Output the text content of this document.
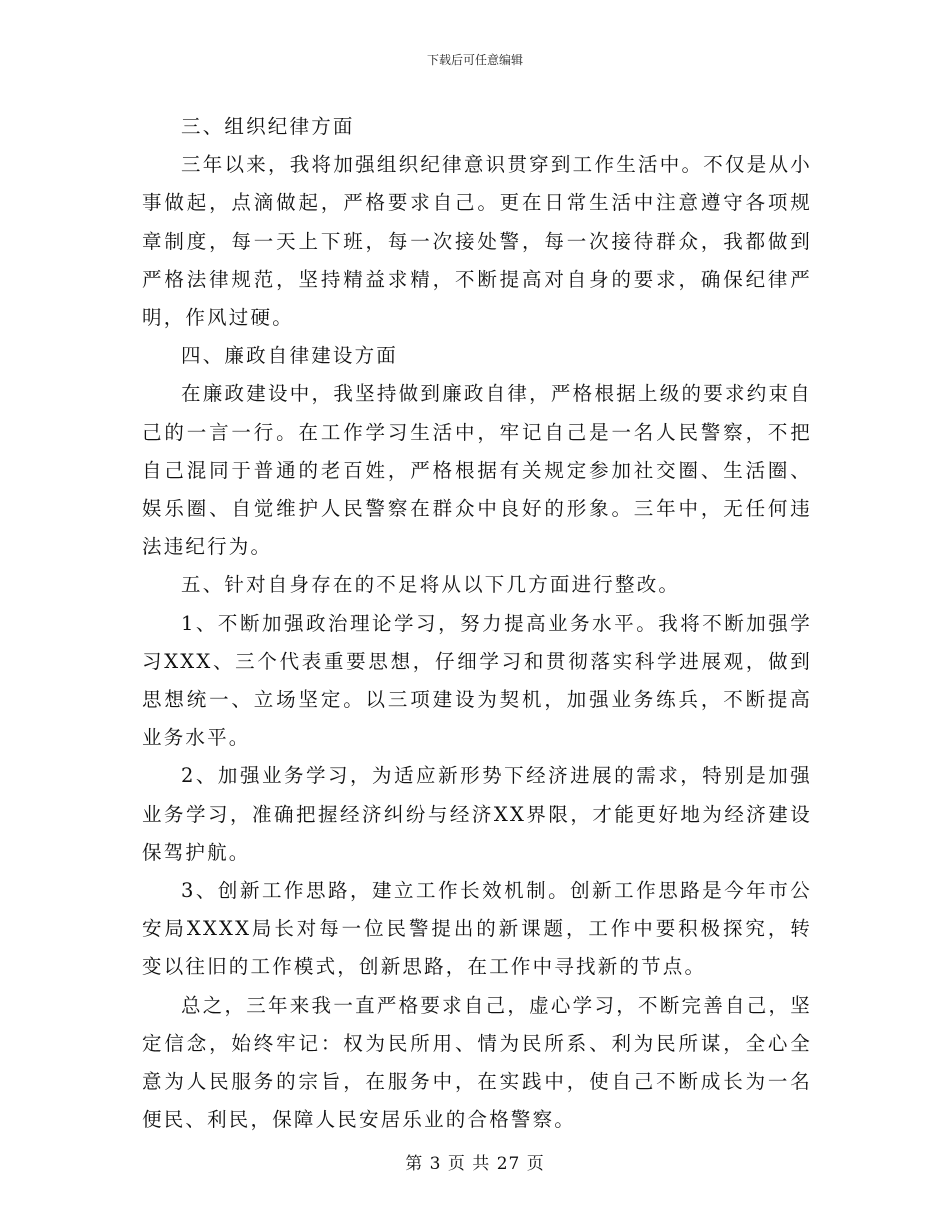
下载后可任意编辑

三、组织纪律方面

三年以来，我将加强组织纪律意识贯穿到工作生活中。不仅是从小事做起，点滴做起，严格要求自己。更在日常生活中注意遵守各项规章制度，每一天上下班，每一次接处警，每一次接待群众，我都做到严格法律规范，坚持精益求精，不断提高对自身的要求，确保纪律严明，作风过硬。

四、廉政自律建设方面

在廉政建设中，我坚持做到廉政自律，严格根据上级的要求约束自己的一言一行。在工作学习生活中，牢记自己是一名人民警察，不把自己混同于普通的老百姓，严格根据有关规定参加社交圈、生活圈、娱乐圈、自觉维护人民警察在群众中良好的形象。三年中，无任何违法违纪行为。

五、针对自身存在的不足将从以下几方面进行整改。

1、不断加强政治理论学习，努力提高业务水平。我将不断加强学习XXX、三个代表重要思想，仔细学习和贯彻落实科学进展观，做到思想统一、立场坚定。以三项建设为契机，加强业务练兵，不断提高业务水平。

2、加强业务学习，为适应新形势下经济进展的需求，特别是加强业务学习，准确把握经济纠纷与经济XX界限，才能更好地为经济建设保驾护航。

3、创新工作思路，建立工作长效机制。创新工作思路是今年市公安局XXXX局长对每一位民警提出的新课题，工作中要积极探究，转变以往旧的工作模式，创新思路，在工作中寻找新的节点。

总之，三年来我一直严格要求自己，虚心学习，不断完善自己，坚定信念，始终牢记：权为民所用、情为民所系、利为民所谋，全心全意为人民服务的宗旨，在服务中，在实践中，使自己不断成长为一名便民、利民，保障人民安居乐业的合格警察。

第 3 页 共 27 页
